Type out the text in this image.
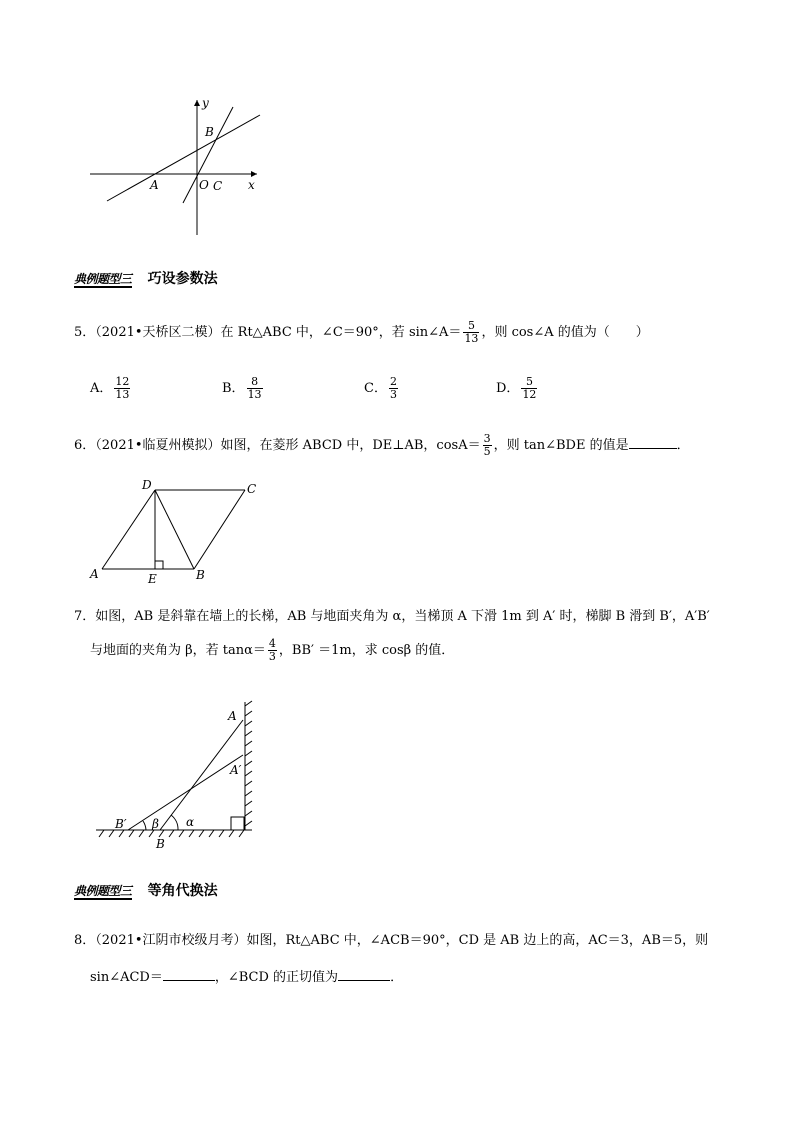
y
B
A	O C x
典例题型三 巧设参数法
5．（2021•天桥区二模）在 Rt△ABC 中，∠C＝90°，若 sin∠A＝ $\frac{5}{13}$ ，则 cos∠A 的值为（　　）
A． $\frac{12}{13}$	B． $\frac{8}{13}$	C． $\frac{2}{3}$	D． $\frac{5}{12}$
6．（2021•临夏州模拟）如图，在菱形 ABCD 中，DE⊥AB，$\cos A= \frac{3}{5}$ ，则 tan∠BDE 的值是	．
D	C
A	E	B
7．如图，AB 是斜靠在墙上的长梯，AB 与地面夹角为 α，当梯顶 A 下滑 1m 到 A′ 时，梯脚 B 滑到 B′，A′B′
与地面的夹角为 β，若 $\tan\alpha= \frac{4}{3}$ ，BB′ ＝1m，求 cosβ 的值．
A
A′
B′ β α
B
典例题型三 等角代换法
8．（2021•江阴市校级月考）如图，Rt△ABC 中，∠ACB＝90°，CD 是 AB 边上的高，AC＝3，AB＝5，则
sin∠ACD＝	，∠BCD 的正切值为	．
